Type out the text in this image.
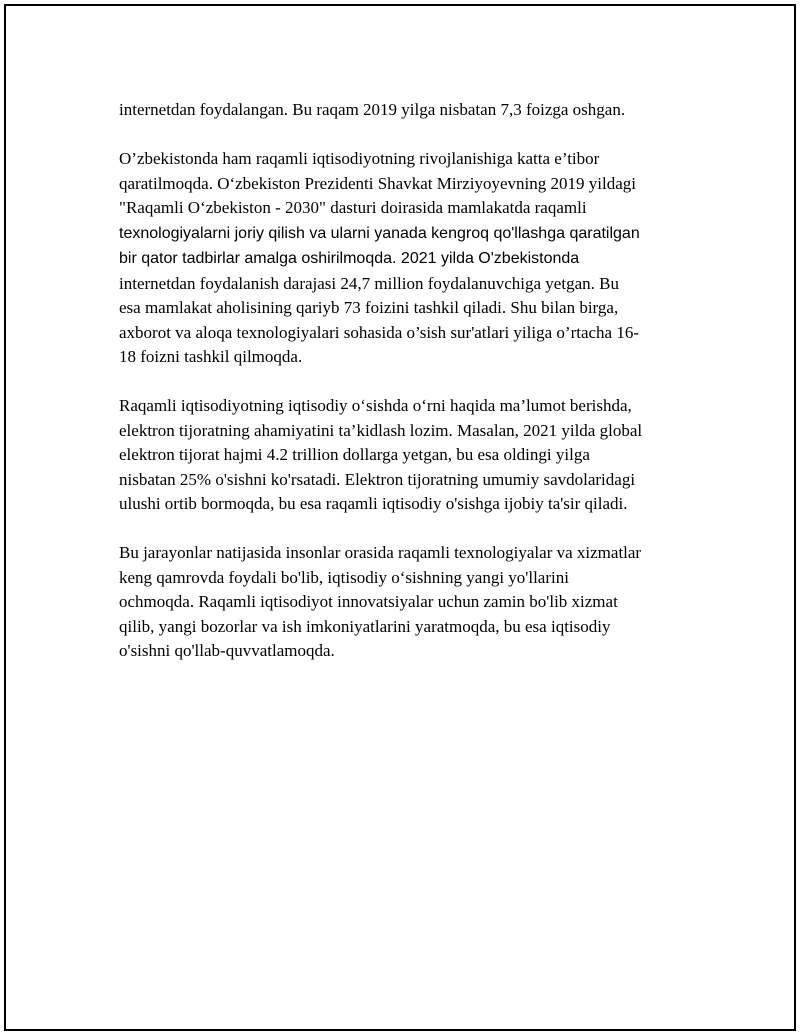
internetdan foydalangan. Bu raqam 2019 yilga nisbatan 7,3 foizga oshgan.

O’zbekistonda ham raqamli iqtisodiyotning rivojlanishiga katta e’tibor
qaratilmoqda. O‘zbekiston Prezidenti Shavkat Mirziyoyevning 2019 yildagi
"Raqamli O‘zbekiston - 2030" dasturi doirasida mamlakatda raqamli
texnologiyalarni joriy qilish va ularni yanada kengroq qo'llashga qaratilgan
bir qator tadbirlar amalga oshirilmoqda. 2021 yilda O'zbekistonda
internetdan foydalanish darajasi 24,7 million foydalanuvchiga yetgan. Bu
esa mamlakat aholisining qariyb 73 foizini tashkil qiladi. Shu bilan birga,
axborot va aloqa texnologiyalari sohasida o’sish sur'atlari yiliga o’rtacha 16-
18 foizni tashkil qilmoqda.

Raqamli iqtisodiyotning iqtisodiy o‘sishda o‘rni haqida ma’lumot berishda,
elektron tijoratning ahamiyatini ta’kidlash lozim. Masalan, 2021 yilda global
elektron tijorat hajmi 4.2 trillion dollarga yetgan, bu esa oldingi yilga
nisbatan 25% o'sishni ko'rsatadi. Elektron tijoratning umumiy savdolaridagi
ulushi ortib bormoqda, bu esa raqamli iqtisodiy o'sishga ijobiy ta'sir qiladi.

Bu jarayonlar natijasida insonlar orasida raqamli texnologiyalar va xizmatlar
keng qamrovda foydali bo'lib, iqtisodiy o‘sishning yangi yo'llarini
ochmoqda. Raqamli iqtisodiyot innovatsiyalar uchun zamin bo'lib xizmat
qilib, yangi bozorlar va ish imkoniyatlarini yaratmoqda, bu esa iqtisodiy
o'sishni qo'llab-quvvatlamoqda.
